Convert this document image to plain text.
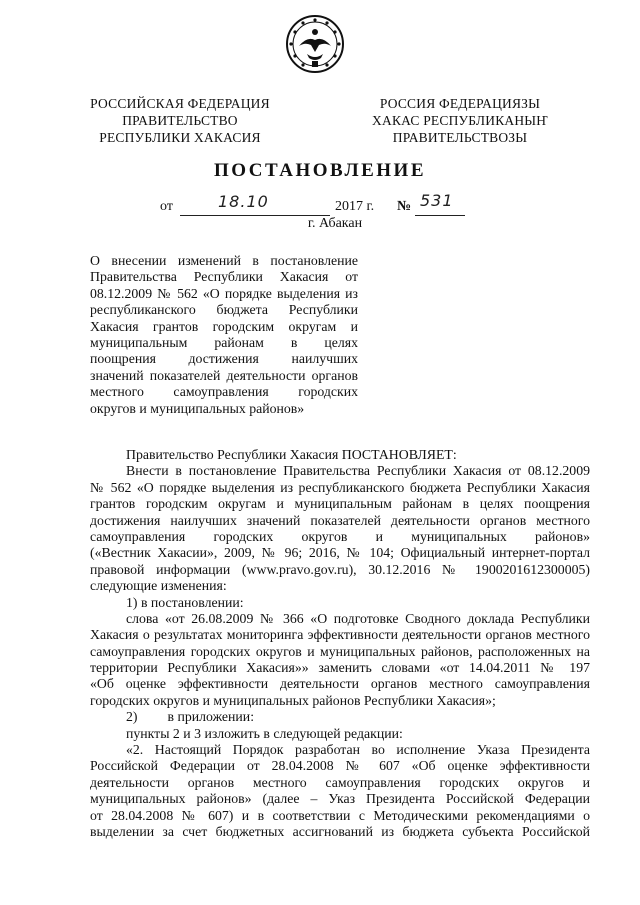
РОССИЙСКАЯ ФЕДЕРАЦИЯ
ПРАВИТЕЛЬСТВО
РЕСПУБЛИКИ ХАКАСИЯ
РОССИЯ ФЕДЕРАЦИЯЗЫ
ХАКАС РЕСПУБЛИКАНЫҤ
ПРАВИТЕЛЬСТВОЗЫ
ПОСТАНОВЛЕНИЕ
от	18.10	2017 г. № 531
г. Абакан
О внесении изменений в постановление
Правительства Республики Хакасия от
08.12.2009 № 562 «О порядке выделения из
республиканского бюджета Республики
Хакасия грантов городским округам и
муниципальным районам в целях
поощрения достижения наилучших
значений показателей деятельности органов
местного самоуправления городских
округов и муниципальных районов»
Правительство Республики Хакасия ПОСТАНОВЛЯЕТ:
Внести в постановление Правительства Республики Хакасия от 08.12.2009
№ 562 «О порядке выделения из республиканского бюджета Республики Хакасия
грантов городским округам и муниципальным районам в целях поощрения
достижения наилучших значений показателей деятельности органов местного
самоуправления городских округов и муниципальных районов»
(«Вестник Хакасии», 2009, № 96; 2016, № 104; Официальный интернет-портал
правовой информации (www.pravo.gov.ru), 30.12.2016 № 1900201612300005)
следующие изменения:
1) в постановлении:
слова «от 26.08.2009 № 366 «О подготовке Сводного доклада Республики
Хакасия о результатах мониторинга эффективности деятельности органов местного
самоуправления городских округов и муниципальных районов, расположенных на
территории Республики Хакасия»» заменить словами «от 14.04.2011 № 197
«Об оценке эффективности деятельности органов местного самоуправления
городских округов и муниципальных районов Республики Хакасия»;
2) в приложении:
пункты 2 и 3 изложить в следующей редакции:
«2. Настоящий Порядок разработан во исполнение Указа Президента
Российской Федерации от 28.04.2008 № 607 «Об оценке эффективности
деятельности органов местного самоуправления городских округов и
муниципальных районов» (далее – Указ Президента Российской Федерации
от 28.04.2008 № 607) и в соответствии с Методическими рекомендациями о
выделении за счет бюджетных ассигнований из бюджета субъекта Российской
